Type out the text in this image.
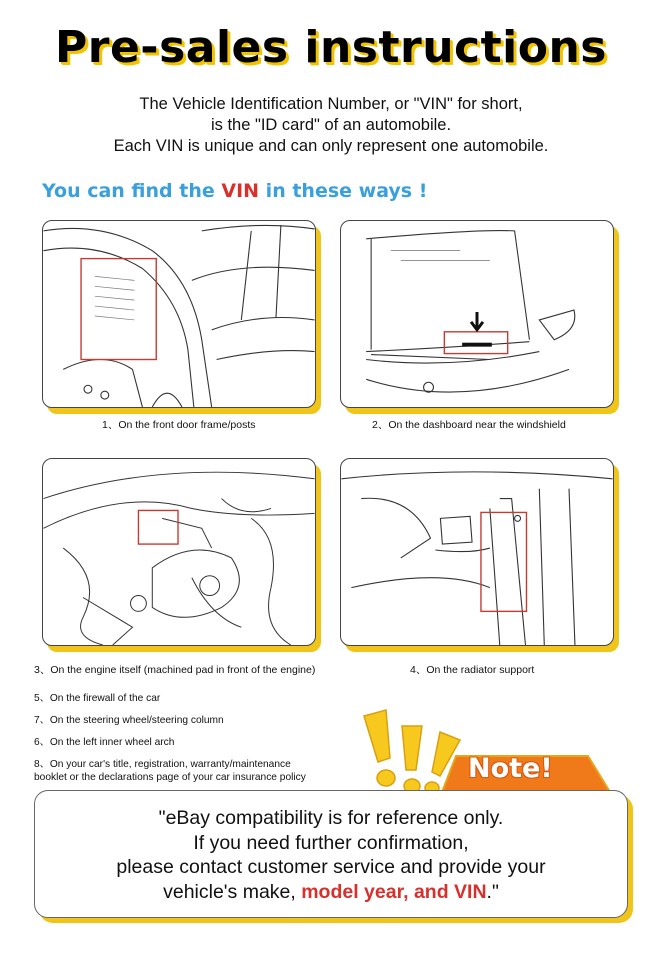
Pre-sales instructions
The Vehicle Identification Number, or "VIN" for short,
is the "ID card" of an automobile.
Each VIN is unique and can only represent one automobile.
You can find the VIN in these ways !
1、On the front door frame/posts	2、On the dashboard near the windshield
3、On the engine itself (machined pad in front of the engine)	4、On the radiator support
5、On the firewall of the car
7、On the steering wheel/steering column
6、On the left inner wheel arch
8、On your car's title, registration, warranty/maintenance
booklet or the declarations page of your car insurance policy	Note!
"eBay compatibility is for reference only.
If you need further confirmation,
please contact customer service and provide your
vehicle's make, model year, and VIN."
